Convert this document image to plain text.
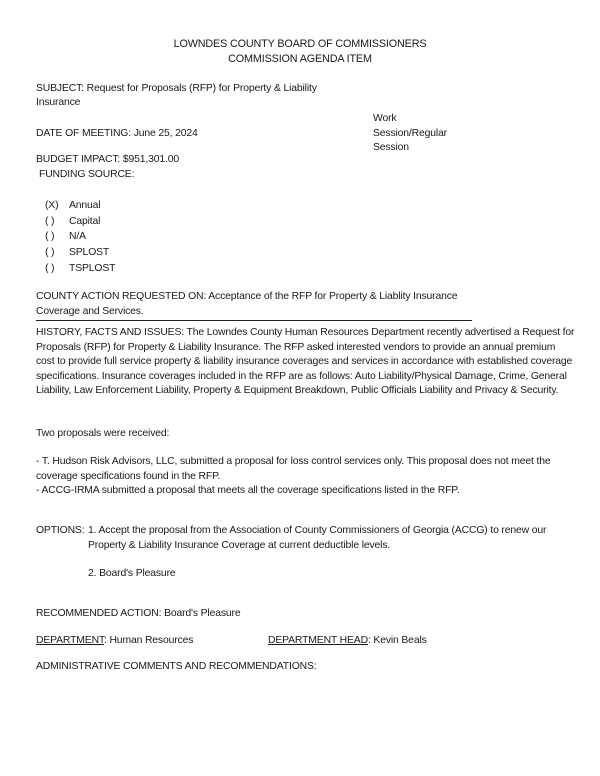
LOWNDES COUNTY BOARD OF COMMISSIONERS
COMMISSION AGENDA ITEM
SUBJECT: Request for Proposals (RFP) for Property & Liability
Insurance
Work
Session/Regular
Session
DATE OF MEETING: June 25, 2024
BUDGET IMPACT: $951,301.00
FUNDING SOURCE:
(X) Annual
( ) Capital
( ) N/A
( ) SPLOST
( ) TSPLOST
COUNTY ACTION REQUESTED ON: Acceptance of the RFP for Property & Liablity Insurance
Coverage and Services.
HISTORY, FACTS AND ISSUES: The Lowndes County Human Resources Department recently advertised a Request for Proposals (RFP) for Property & Liability Insurance. The RFP asked interested vendors to provide an annual premium cost to provide full service property & liability insurance coverages and services in accordance with established coverage specifications. Insurance coverages included in the RFP are as follows: Auto Liability/Physical Damage, Crime, General Liability, Law Enforcement Liability, Property & Equipment Breakdown, Public Officials Liability and Privacy & Security.
Two proposals were received:
- T. Hudson Risk Advisors, LLC, submitted a proposal for loss control services only. This proposal does not meet the coverage specifications found in the RFP.
- ACCG-IRMA submitted a proposal that meets all the coverage specifications listed in the RFP.
OPTIONS: 1. Accept the proposal from the Association of County Commissioners of Georgia (ACCG) to renew our Property & Liability Insurance Coverage at current deductible levels.
2. Board's Pleasure
RECOMMENDED ACTION: Board's Pleasure
DEPARTMENT: Human Resources	DEPARTMENT HEAD: Kevin Beals
ADMINISTRATIVE COMMENTS AND RECOMMENDATIONS:
